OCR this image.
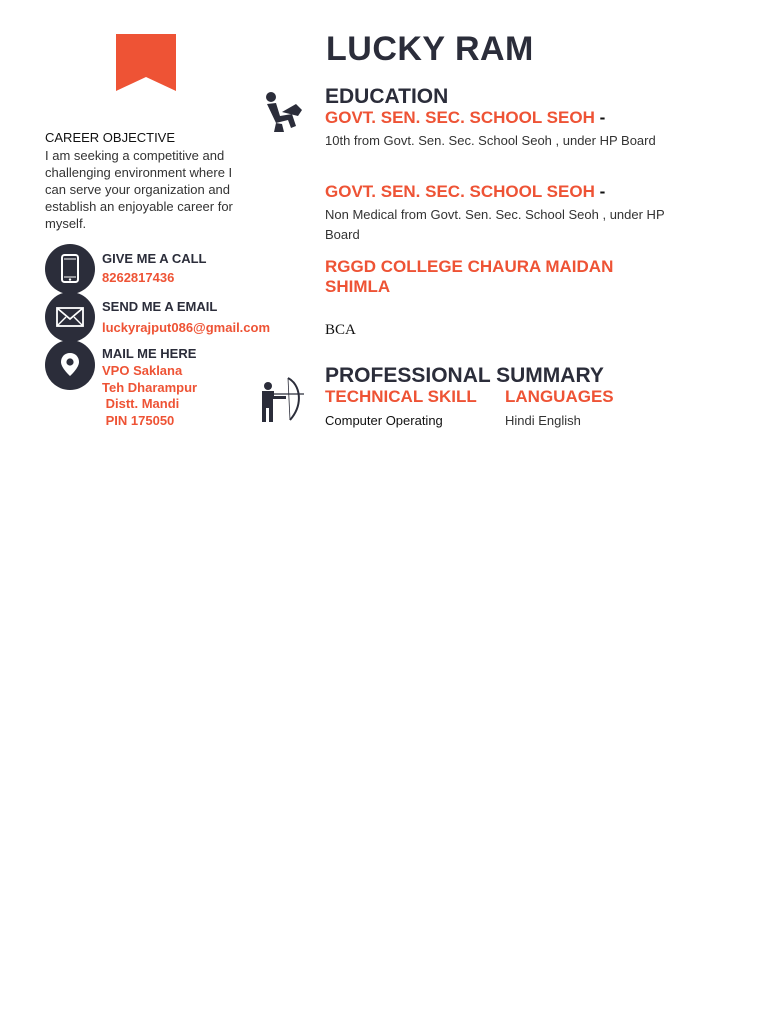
CAREER OBJECTIVE
I am seeking a competitive and challenging environment where I can serve your organization and establish an enjoyable career for myself.
GIVE ME A CALL
8262817436
SEND ME A EMAIL
luckyrajput086@gmail.com
MAIL ME HERE
VPO Saklana
Teh Dharampur
Distt. Mandi
PIN 175050
LUCKY RAM
EDUCATION
GOVT. SEN. SEC. SCHOOL SEOH -
10th from Govt. Sen. Sec. School Seoh , under HP Board
GOVT. SEN. SEC. SCHOOL SEOH -
Non Medical from Govt. Sen. Sec. School Seoh , under HP Board
RGGD COLLEGE CHAURA MAIDAN SHIMLA
BCA
PROFESSIONAL SUMMARY
TECHNICAL SKILL LANGUAGES
Computer Operating	Hindi English
